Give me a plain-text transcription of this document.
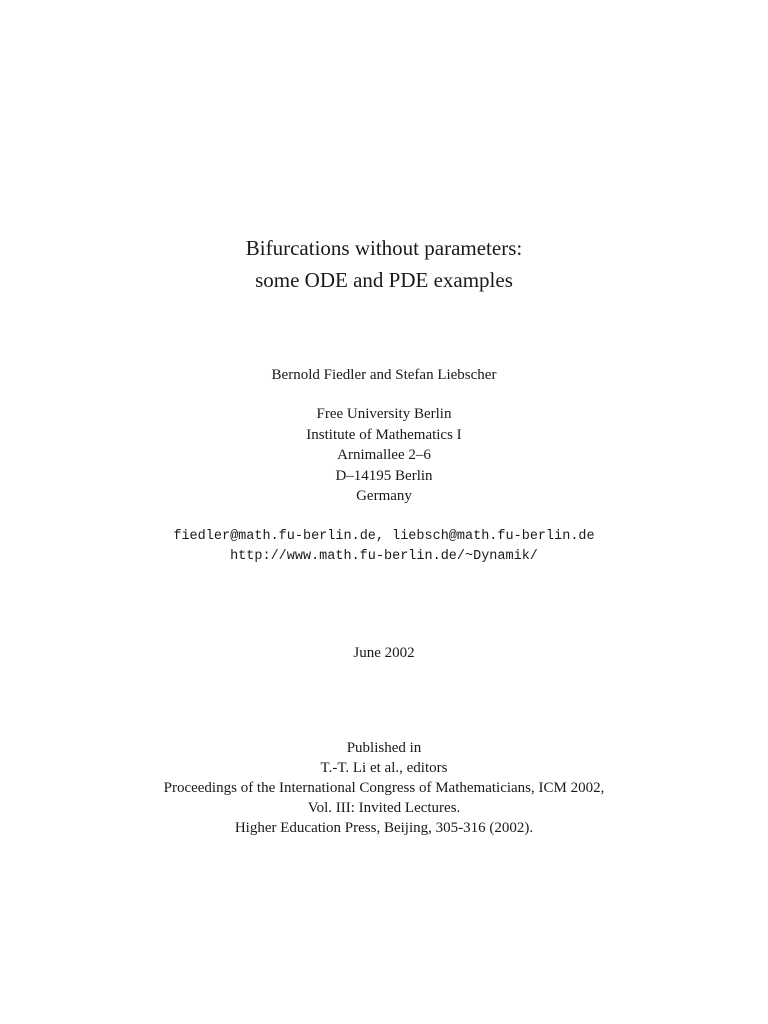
Bifurcations without parameters:
some ODE and PDE examples
Bernold Fiedler and Stefan Liebscher
Free University Berlin
Institute of Mathematics I
Arnimallee 2–6
D–14195 Berlin
Germany
fiedler@math.fu-berlin.de, liebsch@math.fu-berlin.de
http://www.math.fu-berlin.de/~Dynamik/
June 2002
Published in
T.-T. Li et al., editors
Proceedings of the International Congress of Mathematicians, ICM 2002,
Vol. III: Invited Lectures.
Higher Education Press, Beijing, 305-316 (2002).
